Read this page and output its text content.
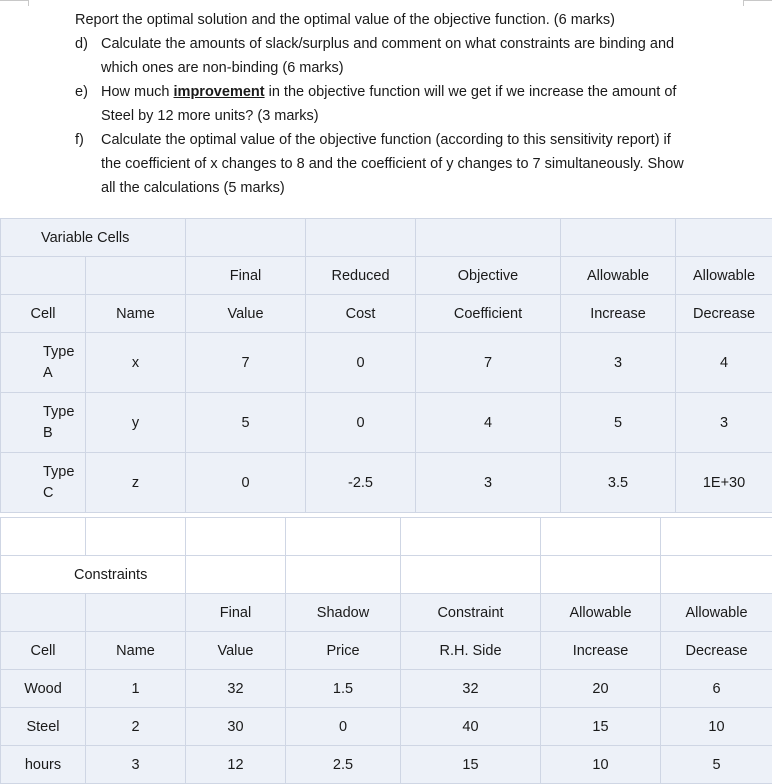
Report the optimal solution and the optimal value of the objective function. (6 marks)
d) Calculate the amounts of slack/surplus and comment on what constraints are binding and
which ones are non-binding (6 marks)
e) How much improvement in the objective function will we get if we increase the amount of
Steel by 12 more units? (3 marks)
f) Calculate the optimal value of the objective function (according to this sensitivity report) if
the coefficient of x changes to 8 and the coefficient of y changes to 7 simultaneously. Show
all the calculations (5 marks)
Variable Cells						
		Final	Reduced	Objective	Allowable	Allowable
Cell	Name	Value	Cost	Coefficient	Increase	Decrease

Type
A	x	7	0	7	3	4

Type
B	y	5	0	4	5	3

Type
C	z	0	-2.5	3	3.5	1E+30

Constraints						
		Final	Shadow	Constraint	Allowable	Allowable
Cell	Name	Value	Price	R.H. Side	Increase	Decrease
Wood	1	32	1.5	32	20	6
Steel	2	30	0	40	15	10
hours	3	12	2.5	15	10	5
